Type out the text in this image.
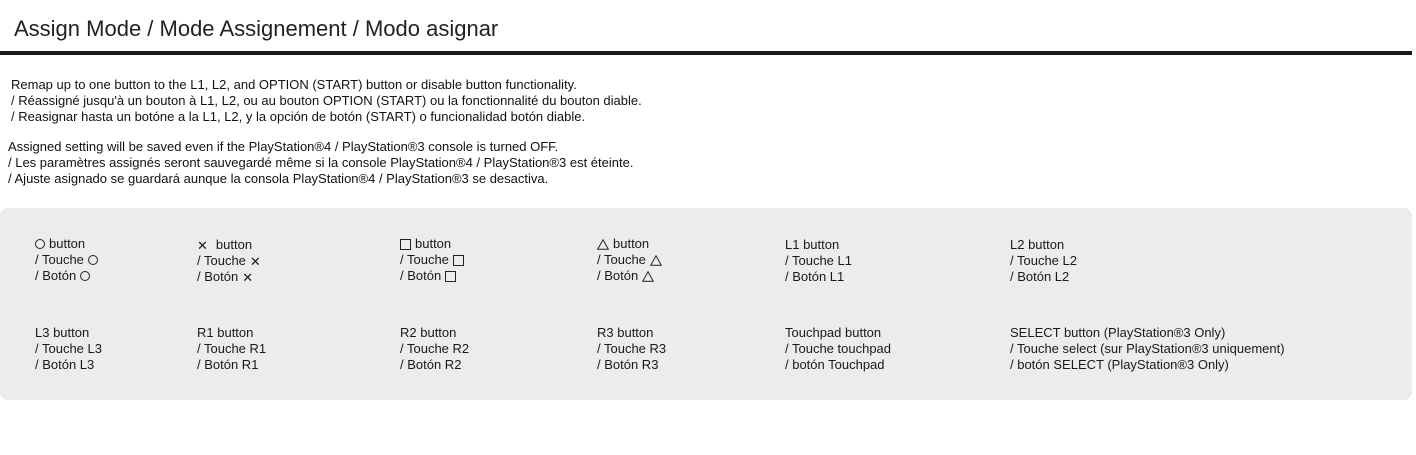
Assign Mode / Mode Assignement / Modo asignar
Remap up to one button to the L1, L2, and OPTION (START) button or disable button functionality.
/ Réassigné jusqu'à un bouton à L1, L2, ou au bouton OPTION (START) ou la fonctionnalité du bouton diable.
/ Reasignar hasta un botóne a la L1, L2, y la opción de botón (START) o funcionalidad botón diable.
Assigned setting will be saved even if the PlayStation®4 / PlayStation®3 console is turned OFF.
/ Les paramètres assignés seront sauvegardé même si la console PlayStation®4 / PlayStation®3 est éteinte.
/ Ajuste asignado se guardará aunque la consola PlayStation®4 / PlayStation®3 se desactiva.
button
/ Touche
/ Botón
✕ button
/ Touche ✕
/ Botón ✕
button
/ Touche
/ Botón
button
/ Touche
/ Botón
L1 button
/ Touche L1
/ Botón L1
L2 button
/ Touche L2
/ Botón L2
L3 button
/ Touche L3
/ Botón L3
R1 button
/ Touche R1
/ Botón R1
R2 button
/ Touche R2
/ Botón R2
R3 button
/ Touche R3
/ Botón R3
Touchpad button
/ Touche touchpad
/ botón Touchpad
SELECT button (PlayStation®3 Only)
/ Touche select (sur PlayStation®3 uniquement)
/ botón SELECT (PlayStation®3 Only)
